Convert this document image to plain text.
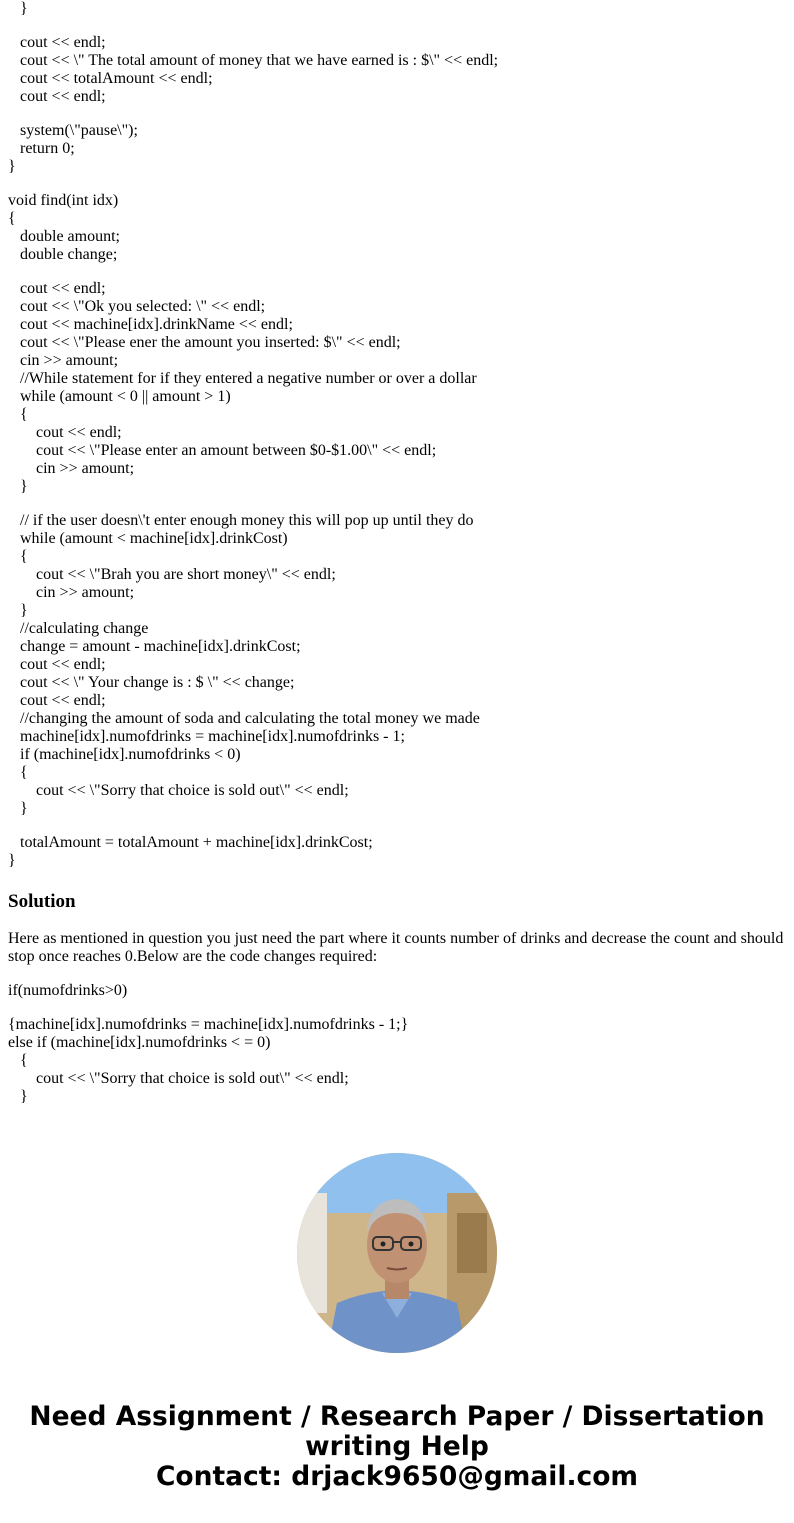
}
cout << endl;
cout << \" The total amount of money that we have earned is : $\" << endl;
cout << totalAmount << endl;
cout << endl;
system(\"pause\");
return 0;
}
void find(int idx)
{
double amount;
double change;
cout << endl;
cout << \"Ok you selected: \" << endl;
cout << machine[idx].drinkName << endl;
cout << \"Please ener the amount you inserted: $\" << endl;
cin >> amount;
//While statement for if they entered a negative number or over a dollar
while (amount < 0 || amount > 1)
{
cout << endl;
cout << \"Please enter an amount between $0-$1.00\" << endl;
cin >> amount;
}
// if the user doesn\'t enter enough money this will pop up until they do
while (amount < machine[idx].drinkCost)
{
cout << \"Brah you are short money\" << endl;
cin >> amount;
}
//calculating change
change = amount - machine[idx].drinkCost;
cout << endl;
cout << \" Your change is : $ \" << change;
cout << endl;
//changing the amount of soda and calculating the total money we made
machine[idx].numofdrinks = machine[idx].numofdrinks - 1;
if (machine[idx].numofdrinks < 0)
{
cout << \"Sorry that choice is sold out\" << endl;
}
totalAmount = totalAmount + machine[idx].drinkCost;
}
Solution
Here as mentioned in question you just need the part where it counts number of drinks and decrease the count and should stop once reaches 0.Below are the code changes required:
if(numofdrinks>0)
{machine[idx].numofdrinks = machine[idx].numofdrinks - 1;}
else if (machine[idx].numofdrinks < = 0)
{
cout << \"Sorry that choice is sold out\" << endl;
}
Need Assignment / Research Paper / Dissertation
writing Help
Contact: drjack9650@gmail.com
